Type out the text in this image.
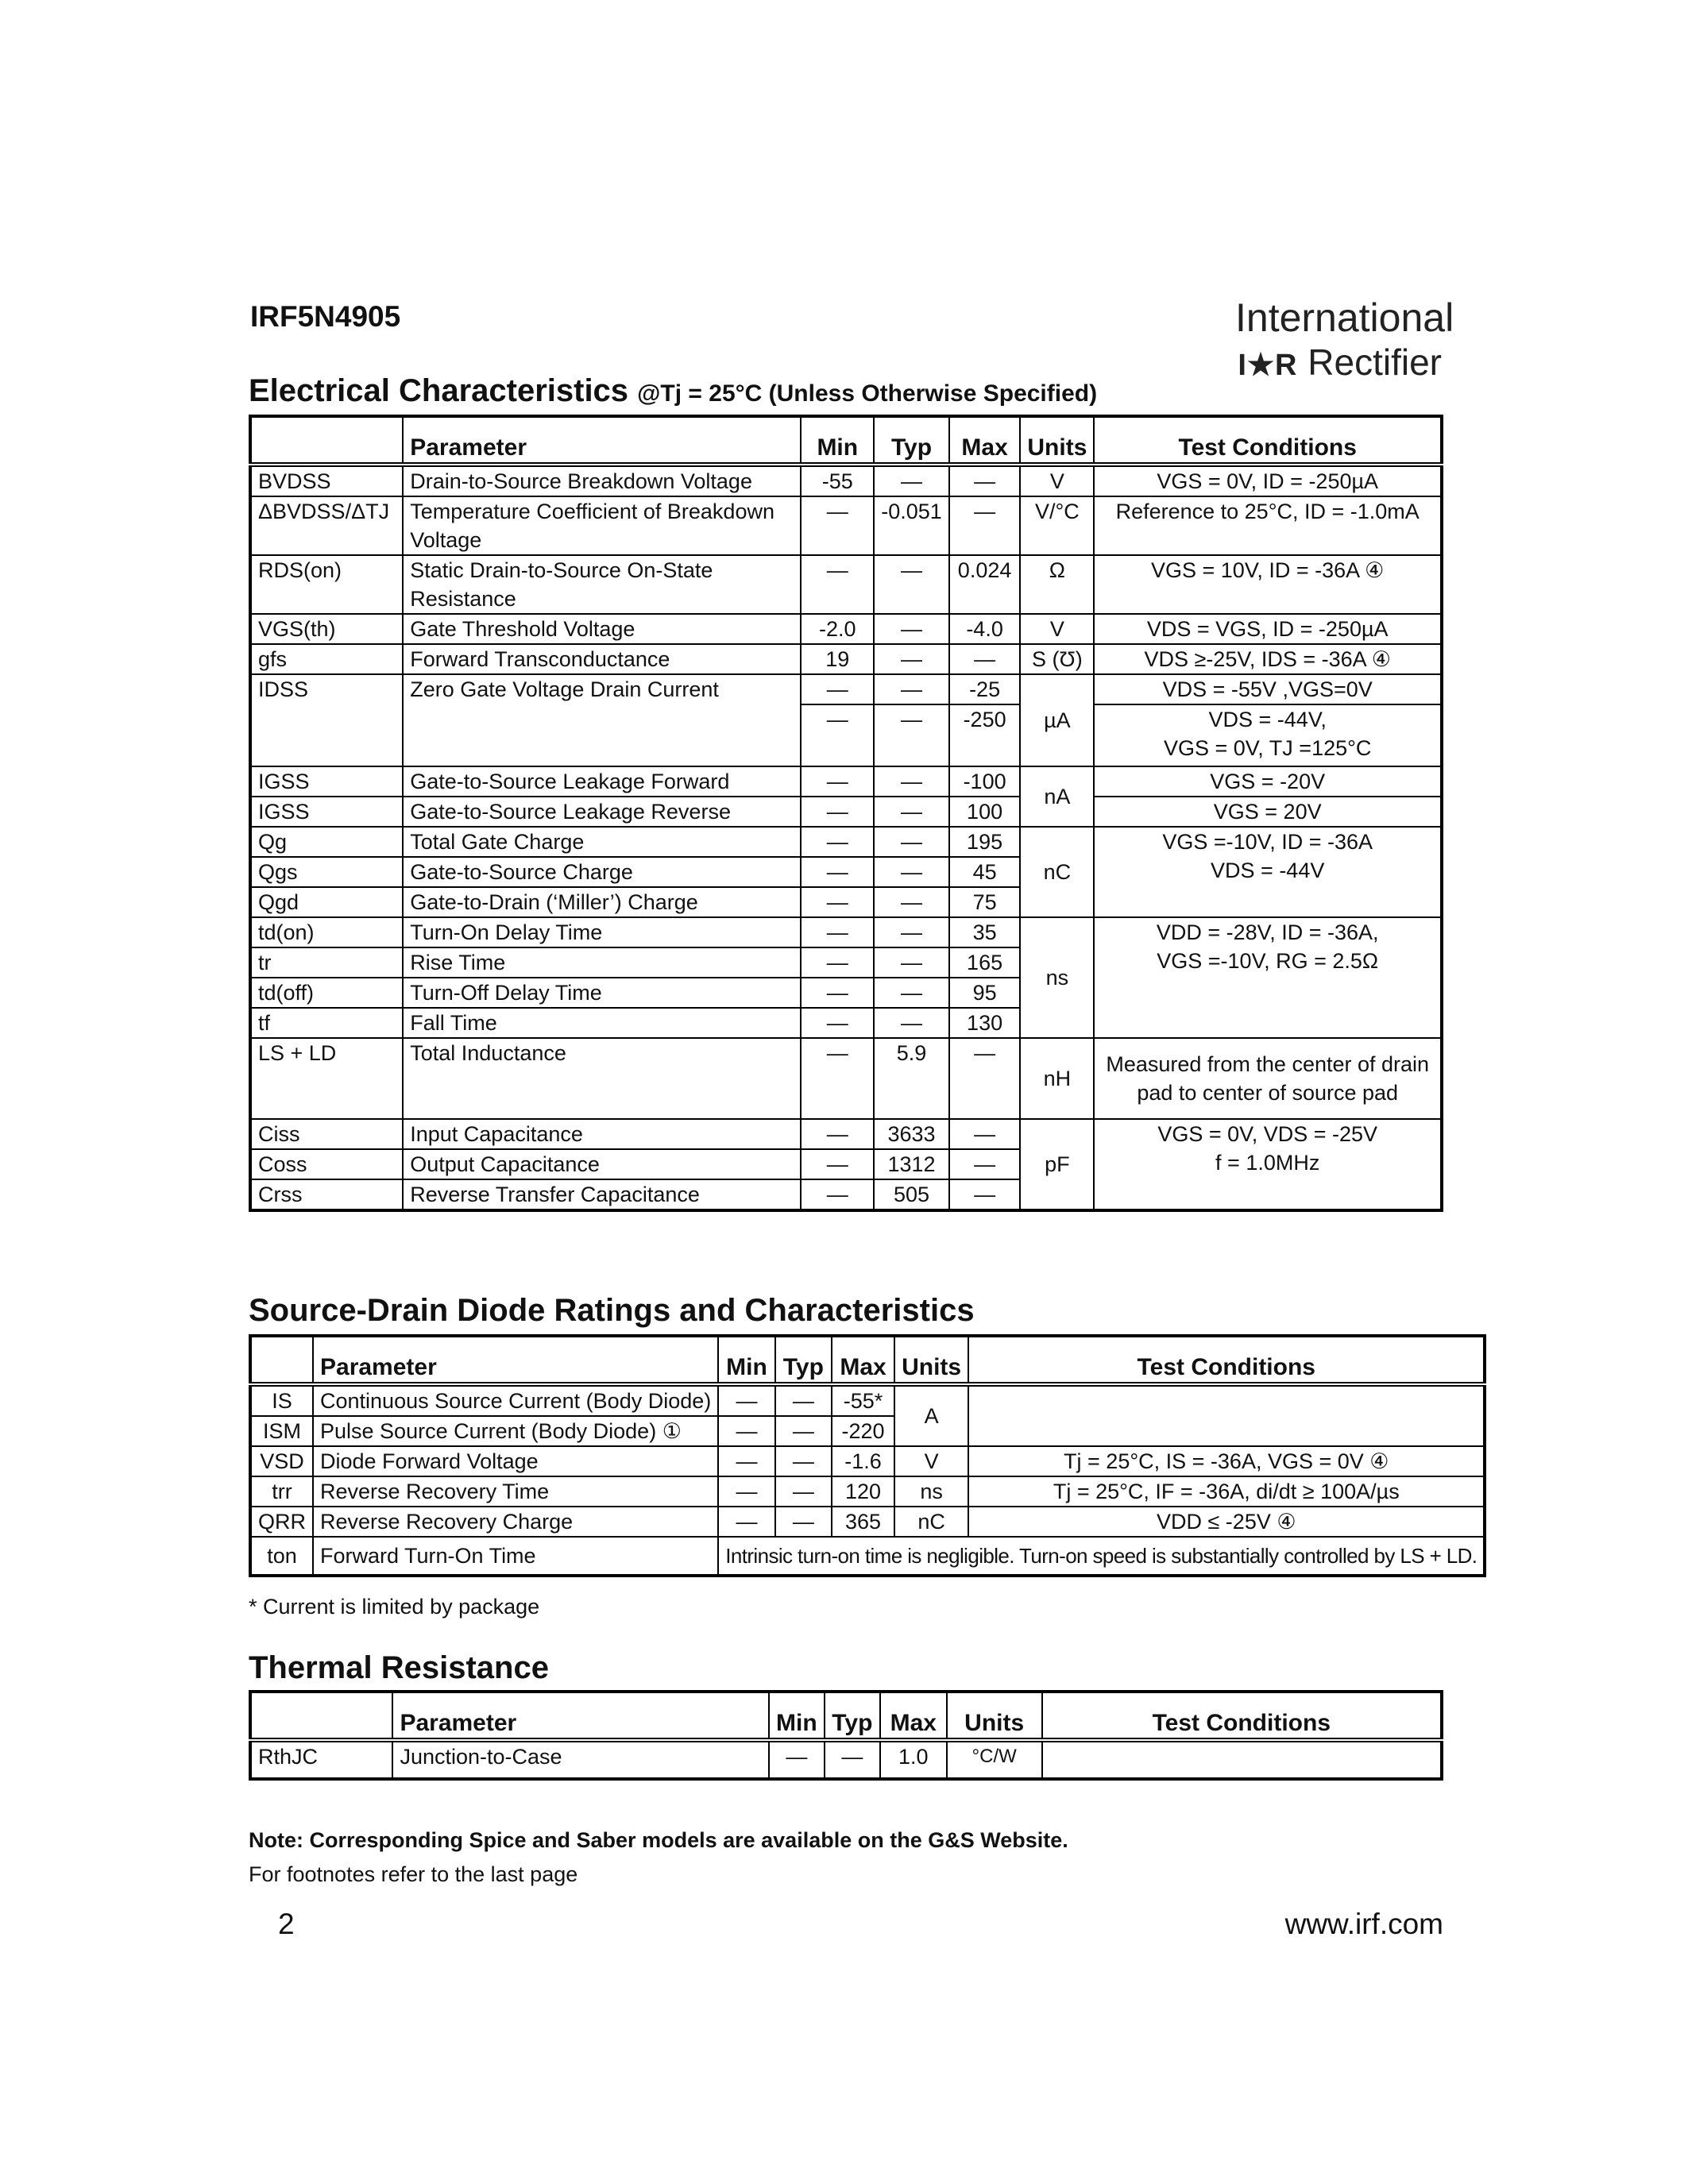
IRF5N4905	International
I★R Rectifier
Electrical Characteristics @Tj = 25°C (Unless Otherwise Specified)
	Parameter	Min	Typ	Max	Units	Test Conditions
BVDSS	Drain-to-Source Breakdown Voltage	-55	—	—	V	VGS = 0V, ID = -250µA
ΔBVDSS/ΔTJ	Temperature Coefficient of Breakdown Voltage	—	-0.051	—	V/°C	Reference to 25°C, ID = -1.0mA
RDS(on)	Static Drain-to-Source On-State Resistance	—	—	0.024	Ω	VGS = 10V, ID = -36A ④
VGS(th)	Gate Threshold Voltage	-2.0	—	-4.0	V	VDS = VGS, ID = -250µA
gfs	Forward Transconductance	19	—	—	S (Ʊ)	VDS ≥-25V, IDS = -36A ④
IDSS	Zero Gate Voltage Drain Current	—	—	-25	µA	VDS = -55V ,VGS=0V
		—	—	-250		VDS = -44V,
VGS = 0V, TJ =125°C

IGSS	Gate-to-Source Leakage Forward	—	—	-100	nA	VGS = -20V
IGSS	Gate-to-Source Leakage Reverse	—	—	100		VGS = 20V
Qg	Total Gate Charge	—	—	195	nC	VGS =-10V, ID = -36A
VDS = -44V

Qgs	Gate-to-Source Charge	—	—	45		
Qgd	Gate-to-Drain (‘Miller’) Charge	—	—	75		
td(on)	Turn-On Delay Time	—	—	35	ns	VDD = -28V, ID = -36A,
VGS =-10V, RG = 2.5Ω

tr	Rise Time	—	—	165		
td(off)	Turn-Off Delay Time	—	—	95		
tf	Fall Time	—	—	130		
LS + LD	Total Inductance	—	5.9	—	nH	Measured from the center of drain pad to center of source pad
Ciss	Input Capacitance	—	3633	—	pF	VGS = 0V, VDS = -25V
f = 1.0MHz

Coss	Output Capacitance	—	1312	—		
Crss	Reverse Transfer Capacitance	—	505	—		
Source-Drain Diode Ratings and Characteristics
	Parameter	Min	Typ	Max	Units	Test Conditions
IS	Continuous Source Current (Body Diode)	—	—	-55*	A	
ISM	Pulse Source Current (Body Diode) ①	—	—	-220		
VSD	Diode Forward Voltage	—	—	-1.6	V	Tj = 25°C, IS = -36A, VGS = 0V ④
trr	Reverse Recovery Time	—	—	120	ns	Tj = 25°C, IF = -36A, di/dt ≥ 100A/µs
QRR	Reverse Recovery Charge	—	—	365	nC	VDD ≤ -25V ④
ton	Forward Turn-On Time	Intrinsic turn-on time is negligible. Turn-on speed is substantially controlled by LS + LD.				
* Current is limited by package
Thermal Resistance
	Parameter	Min	Typ	Max	Units	Test Conditions
RthJC	Junction-to-Case	—	—	1.0	°C/W	
Note: Corresponding Spice and Saber models are available on the G&S Website.
For footnotes refer to the last page
2	www.irf.com
